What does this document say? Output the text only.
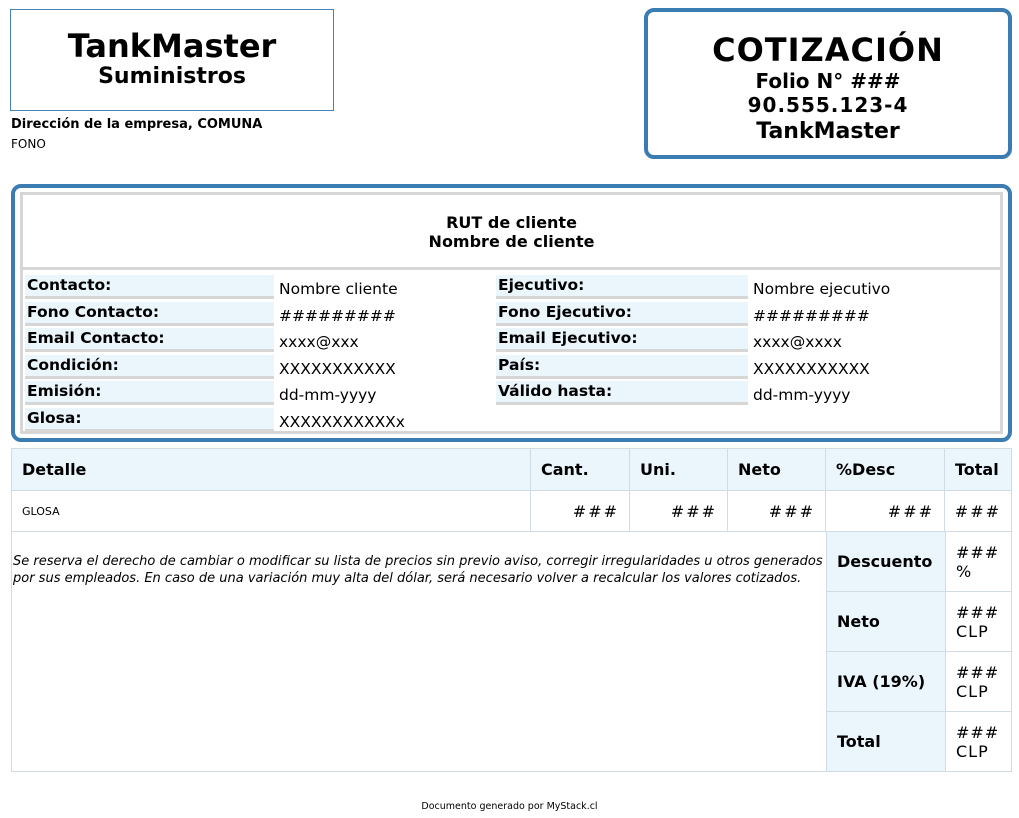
TankMaster
Suministros
Dirección de la empresa, COMUNA
FONO
COTIZACIÓN
Folio N° ###
90.555.123-4
TankMaster
RUT de cliente
Nombre de cliente
Contacto:	Nombre cliente	Ejecutivo:	Nombre ejecutivo
Fono Contacto:	#########	Fono Ejecutivo:	#########
Email Contacto:	xxxx@xxx	Email Ejecutivo:	xxxx@xxxx
Condición:	XXXXXXXXXXX	País:	XXXXXXXXXXX
Emisión:	dd-mm-yyyy	Válido hasta:	dd-mm-yyyy
Glosa:	XXXXXXXXXXXx
Detalle	Cant.	Uni.	Neto	%Desc	Total
GLOSA	###	###	###	###	###
Se reserva el derecho de cambiar o modificar su lista de precios sin previo aviso, corregir irregularidades u otros generados por sus empleados. En caso de una variación muy alta del dólar, será necesario volver a recalcular los valores cotizados.	Descuento	### %
	Neto	### CLP
	IVA (19%)	### CLP
	Total	### CLP
Documento generado por MyStack.cl
